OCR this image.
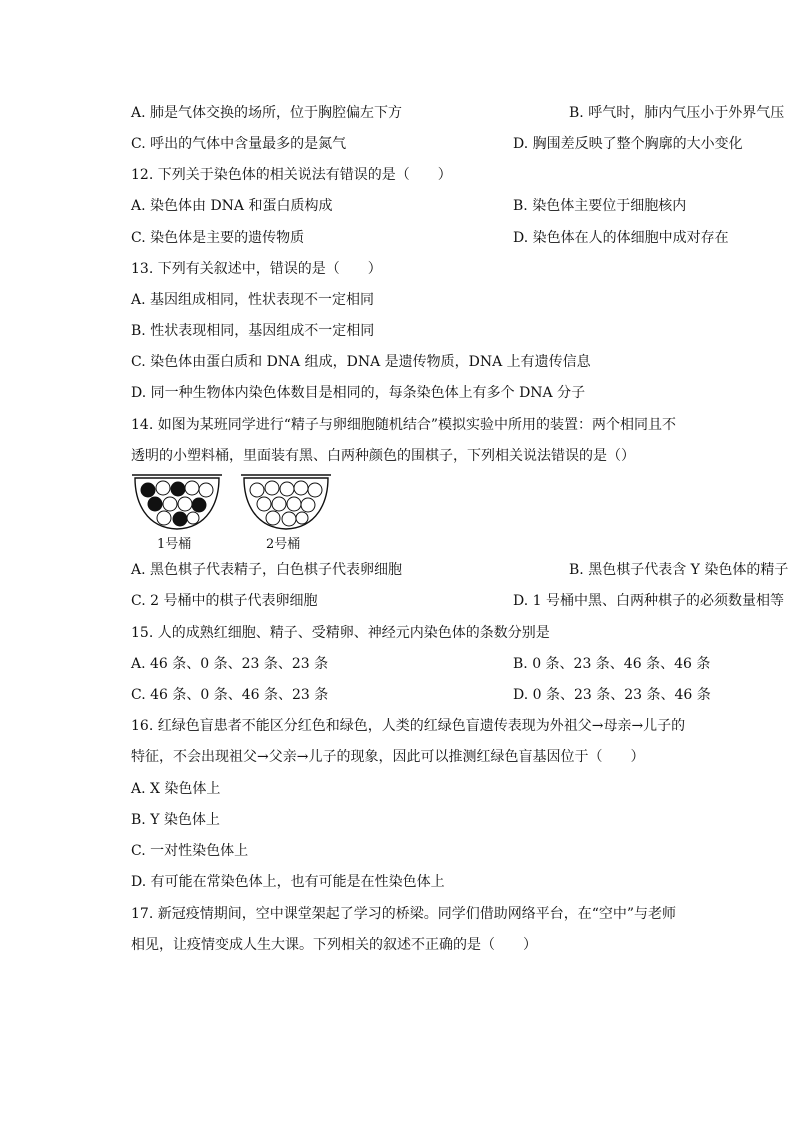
A. 肺是气体交换的场所，位于胸腔偏左下方	B. 呼气时，肺内气压小于外界气压
C. 呼出的气体中含量最多的是氮气	D. 胸围差反映了整个胸廓的大小变化
12. 下列关于染色体的相关说法有错误的是（　　）
A. 染色体由 DNA 和蛋白质构成	B. 染色体主要位于细胞核内
C. 染色体是主要的遗传物质	D. 染色体在人的体细胞中成对存在
13. 下列有关叙述中，错误的是（　　）
A. 基因组成相同，性状表现不一定相同
B. 性状表现相同，基因组成不一定相同
C. 染色体由蛋白质和 DNA 组成，DNA 是遗传物质，DNA 上有遗传信息
D. 同一种生物体内染色体数目是相同的，每条染色体上有多个 DNA 分子
14. 如图为某班同学进行“精子与卵细胞随机结合”模拟实验中所用的装置：两个相同且不
透明的小塑料桶，里面装有黑、白两种颜色的围棋子，下列相关说法错误的是（）
1号桶	2号桶
A. 黑色棋子代表精子，白色棋子代表卵细胞	B. 黑色棋子代表含 Y 染色体的精子
C. 2 号桶中的棋子代表卵细胞	D. 1 号桶中黑、白两种棋子的必须数量相等
15. 人的成熟红细胞、精子、受精卵、神经元内染色体的条数分别是
A. 46 条、0 条、23 条、23 条	B. 0 条、23 条、46 条、46 条
C. 46 条、0 条、46 条、23 条	D. 0 条、23 条、23 条、46 条
16. 红绿色盲患者不能区分红色和绿色，人类的红绿色盲遗传表现为外祖父→母亲→儿子的
特征，不会出现祖父→父亲→儿子的现象，因此可以推测红绿色盲基因位于（　　）
A. X 染色体上
B. Y 染色体上
C. 一对性染色体上
D. 有可能在常染色体上，也有可能是在性染色体上
17. 新冠疫情期间，空中课堂架起了学习的桥梁。同学们借助网络平台，在“空中”与老师
相见，让疫情变成人生大课。下列相关的叙述不正确的是（　　）
